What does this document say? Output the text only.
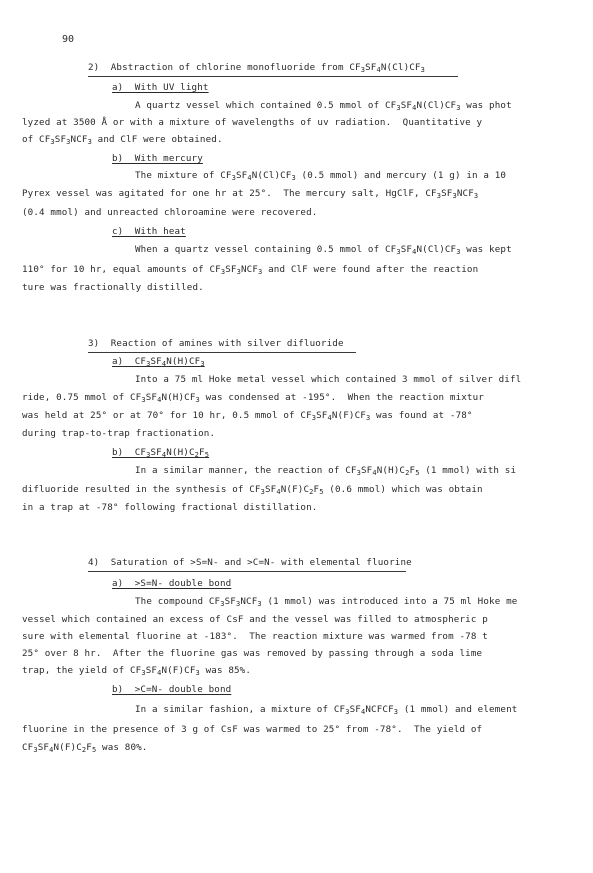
90
2)  Abstraction of chlorine monofluoride from $CF_3SF_4N(Cl)CF_3$
a)  With UV light
A quartz vessel which contained 0.5 mmol of $CF_3SF_4N(Cl)CF_3$ was phot
lyzed at 3500 Å or with a mixture of wavelengths of uv radiation.  Quantitative y
of $CF_3SF_3NCF_3$ and ClF were obtained.
b)  With mercury
The mixture of $CF_3SF_4N(Cl)CF_3$ (0.5 mmol) and mercury (1 g) in a 10
Pyrex vessel was agitated for one hr at 25°.  The mercury salt, HgClF, $CF_3SF_3NCF_3$
(0.4 mmol) and unreacted chloroamine were recovered.
c)  With heat
When a quartz vessel containing 0.5 mmol of $CF_3SF_4N(Cl)CF_3$ was kept
110° for 10 hr, equal amounts of $CF_3SF_3NCF_3$ and ClF were found after the reaction
ture was fractionally distilled.
3)  Reaction of amines with silver difluoride
a)  $CF_3SF_4N(H)CF_3$
Into a 75 ml Hoke metal vessel which contained 3 mmol of silver difl
ride, 0.75 mmol of $CF_3SF_4N(H)CF_3$ was condensed at -195°.  When the reaction mixtur
was held at 25° or at 70° for 10 hr, 0.5 mmol of $CF_3SF_4N(F)CF_3$ was found at -78°
during trap-to-trap fractionation.
b)  $CF_3SF_4N(H)C_2F_5$
In a similar manner, the reaction of $CF_3SF_4N(H)C_2F_5$ (1 mmol) with si
difluoride resulted in the synthesis of $CF_3SF_4N(F)C_2F_5$ (0.6 mmol) which was obtain
in a trap at -78° following fractional distillation.
4)  Saturation of >S=N- and >C=N- with elemental fluorine
a)  >S=N- double bond
The compound $CF_3SF_3NCF_3$ (1 mmol) was introduced into a 75 ml Hoke me
vessel which contained an excess of CsF and the vessel was filled to atmospheric p
sure with elemental fluorine at -183°.  The reaction mixture was warmed from -78 t
25° over 8 hr.  After the fluorine gas was removed by passing through a soda lime
trap, the yield of $CF_3SF_4N(F)CF_3$ was 85%.
b)  >C=N- double bond
In a similar fashion, a mixture of $CF_3SF_4NCFCF_3$ (1 mmol) and element
fluorine in the presence of 3 g of CsF was warmed to 25° from -78°.  The yield of
$CF_3SF_4N(F)C_2F_5$ was 80%.
